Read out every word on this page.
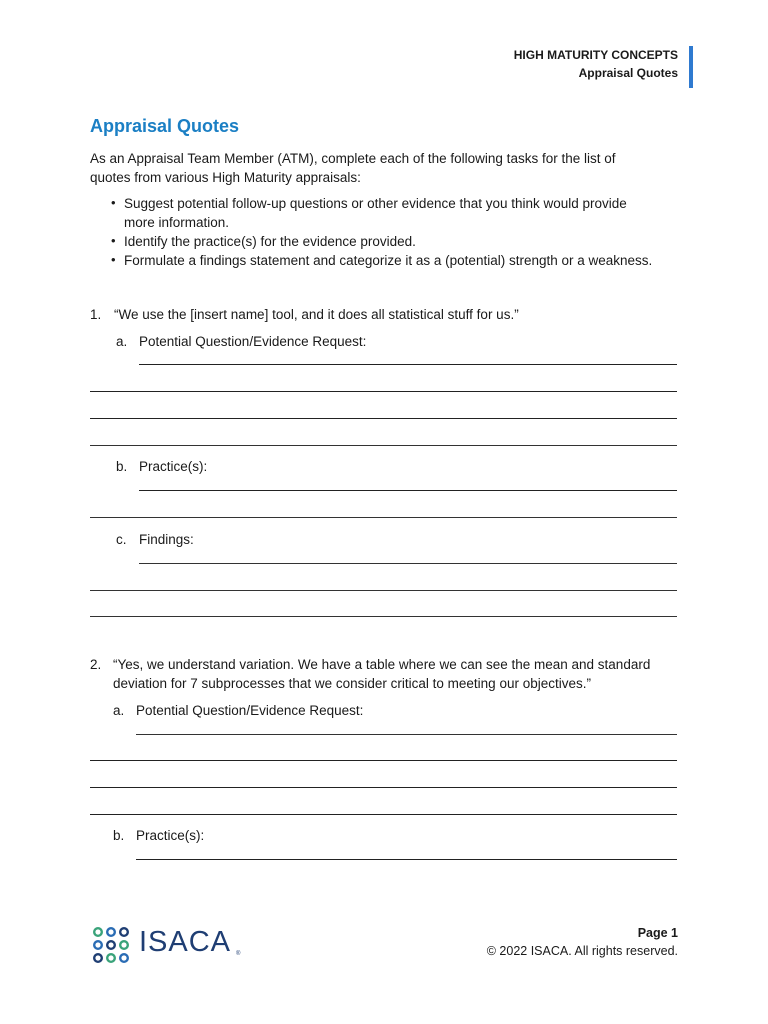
HIGH MATURITY CONCEPTS
Appraisal Quotes
Appraisal Quotes
As an Appraisal Team Member (ATM), complete each of the following tasks for the list of
quotes from various High Maturity appraisals:
• Suggest potential follow-up questions or other evidence that you think would provide
more information.
• Identify the practice(s) for the evidence provided.
• Formulate a findings statement and categorize it as a (potential) strength or a weakness.
1. “We use the [insert name] tool, and it does all statistical stuff for us.”
a. Potential Question/Evidence Request:
b. Practice(s):
c. Findings:
2. “Yes, we understand variation. We have a table where we can see the mean and standard
deviation for 7 subprocesses that we consider critical to meeting our objectives.”
a. Potential Question/Evidence Request:
b. Practice(s):
ISACA ®
Page 1
© 2022 ISACA. All rights reserved.
